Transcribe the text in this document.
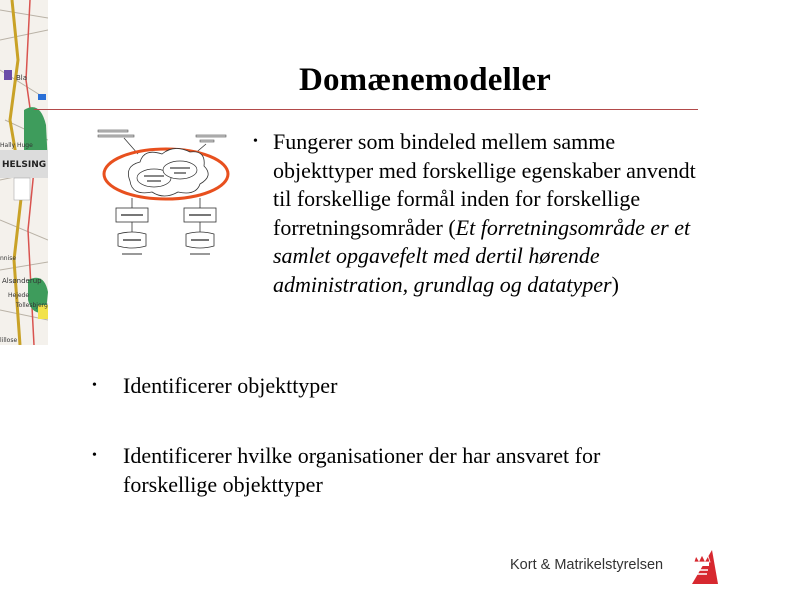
Bla
Hally Huge
HELSING
nnise
Alsønderup
Hejede
Tollesbjerg
lillose
Domænemodeller
• Fungerer som bindeled mellem samme objekttyper med forskellige egenskaber anvendt til forskellige formål inden for forskellige forretningsområder (Et forretningsområde er et samlet opgavefelt med dertil hørende administration, grundlag og datatyper)
• Identificerer objekttyper
• Identificerer hvilke organisationer der har ansvaret for forskellige objekttyper
Kort & Matrikelstyrelsen
